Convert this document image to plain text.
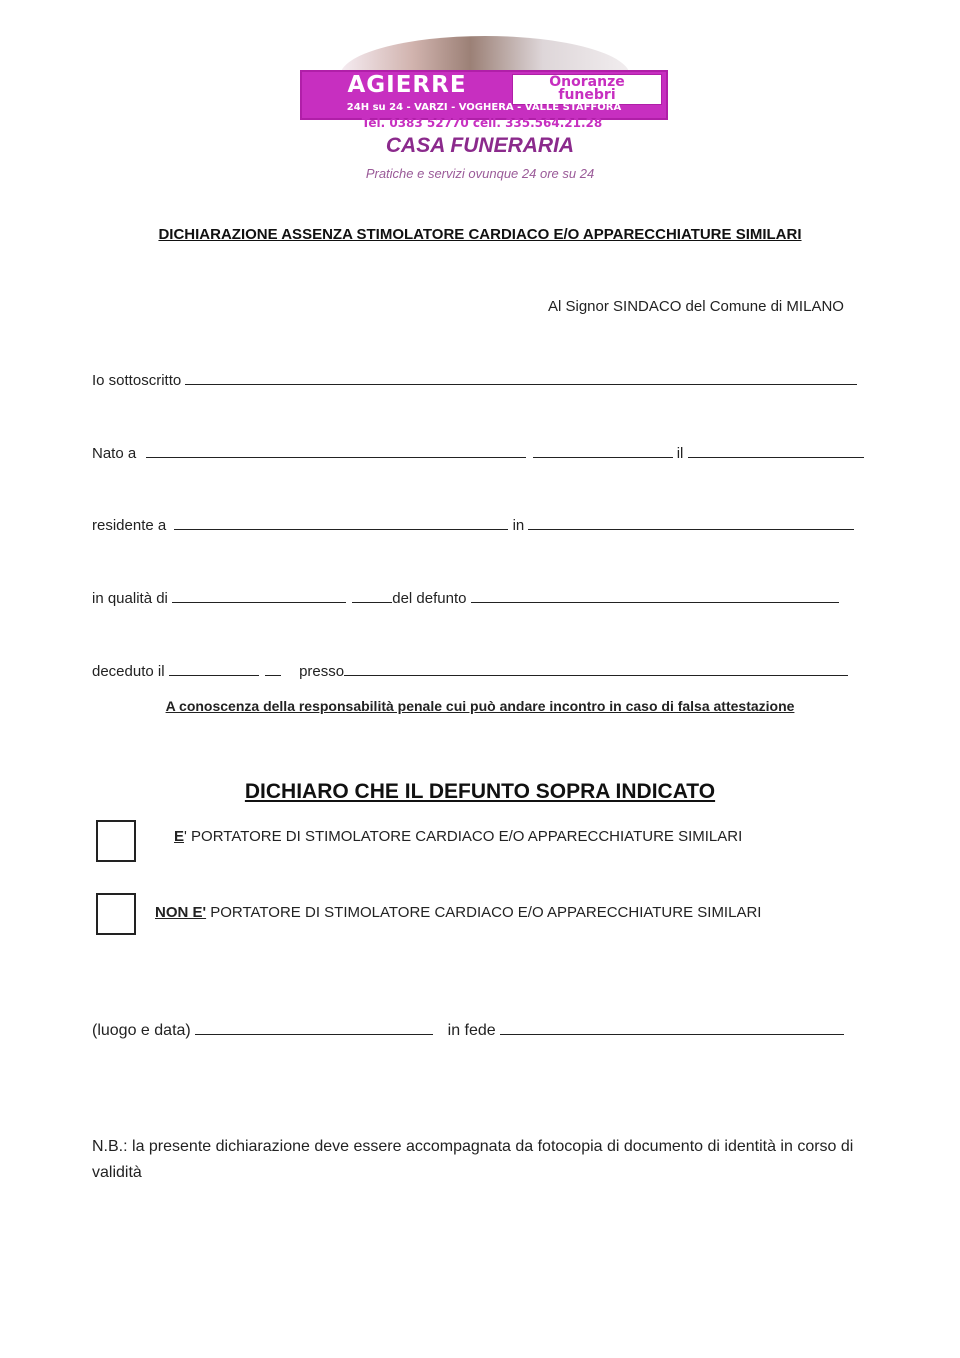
AGIERRE	Onoranze
funebri
24H su 24 - VARZI - VOGHERA - VALLE STAFFORA
Tel. 0383 52770 cell. 335.564.21.28
CASA FUNERARIA
Pratiche e servizi ovunque 24 ore su 24
DICHIARAZIONE ASSENZA STIMOLATORE CARDIACO E/O APPARECCHIATURE SIMILARI
Al Signor SINDACO del Comune di MILANO
Io sottoscritto
Nato a	il
residente a	in
in qualità di	del defunto
deceduto il	presso
A conoscenza della responsabilità penale cui può andare incontro in caso di falsa attestazione
DICHIARO CHE IL DEFUNTO SOPRA INDICATO
E' PORTATORE DI STIMOLATORE CARDIACO E/O APPARECCHIATURE SIMILARI
NON E' PORTATORE DI STIMOLATORE CARDIACO E/O APPARECCHIATURE SIMILARI
(luogo e data)	in fede
N.B.: la presente dichiarazione deve essere accompagnata da fotocopia di documento di identità in corso di validità
